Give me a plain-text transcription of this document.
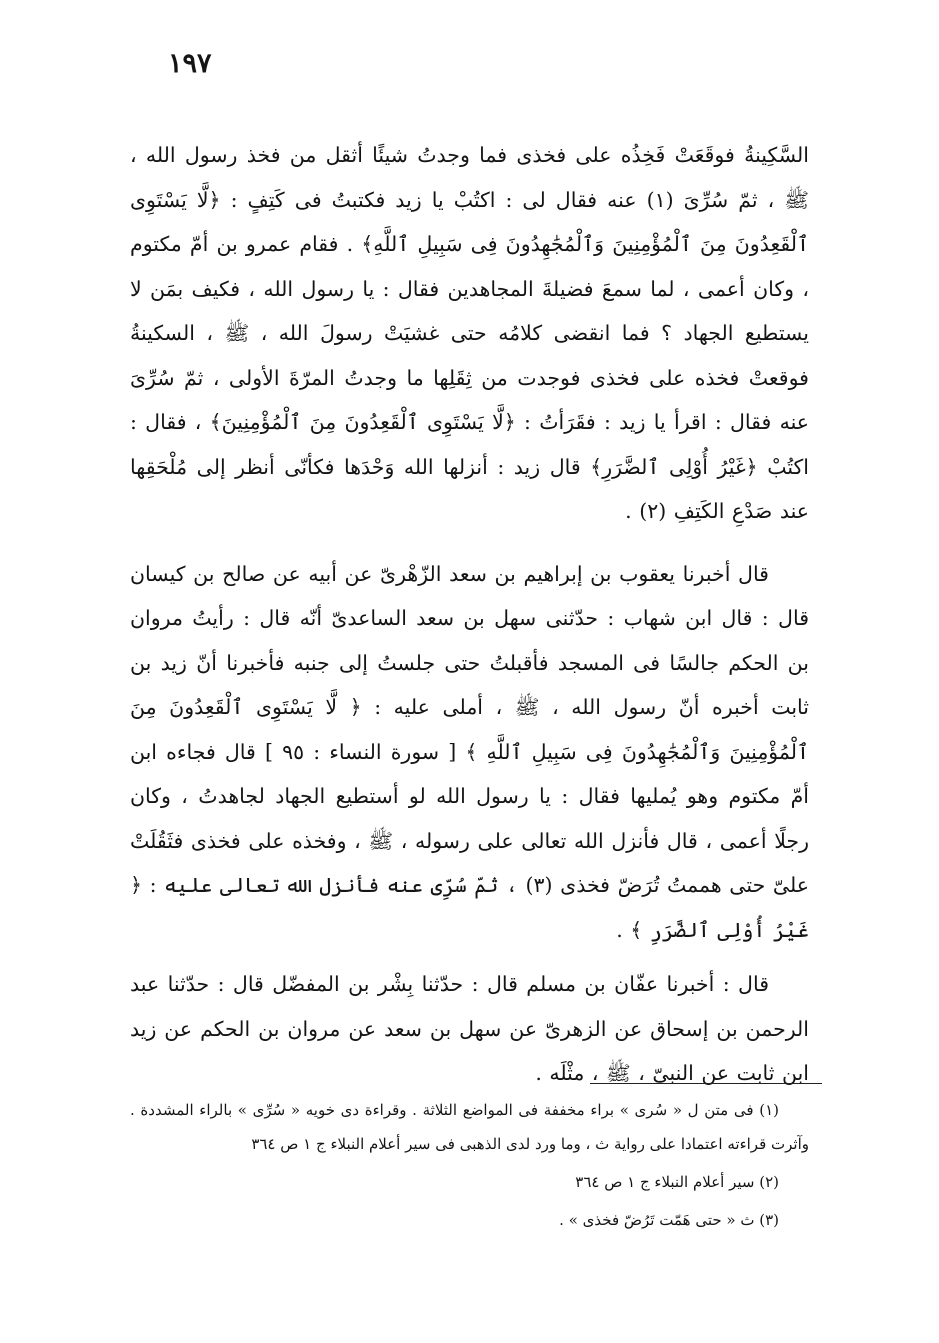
١٩٧

السَّكِينةُ فوقَعَتْ فَخِذُه على فخذى فما وجدتُ شيئًا أثقل من فخذ رسول الله ، ﷺ ، ثمّ سُرِّىَ (١) عنه فقال لى : اكتُبْ يا زيد فكتبتُ فى كَتِفٍ : ﴿لَّا يَسْتَوِى ٱلْقَعِدُونَ مِنَ ٱلْمُؤْمِنِينَ وَٱلْمُجَٰهِدُونَ فِى سَبِيلِ ٱللَّهِ﴾ . فقام عمرو بن أمّ مكتوم ، وكان أعمى ، لما سمعَ فضيلةَ المجاهدين فقال : يا رسول الله ، فكيف بمَن لا يستطيع الجهاد ؟ فما انقضى كلامُه حتى غشيَتْ رسولَ الله ، ﷺ ، السكينةُ فوقعتْ فخذه على فخذى فوجدت من ثِقَلِها ما وجدتُ المرّةَ الأولى ، ثمّ سُرِّىَ عنه فقال : اقرأ يا زيد : فقَرَأتُ : ﴿لَّا يَسْتَوِى ٱلْقَعِدُونَ مِنَ ٱلْمُؤْمِنِينَ﴾ ، فقال : اكتُبْ ﴿غَيْرُ أُوْلِى ٱلضَّرَرِ﴾ قال زيد : أنزلها الله وَحْدَها فكأنّى أنظر إلى مُلْحَقِها عند صَدْعِ الكَتِفِ (٢) .

قال أخبرنا يعقوب بن إبراهيم بن سعد الزّهْرىّ عن أبيه عن صالح بن كيسان قال : قال ابن شهاب : حدّثنى سهل بن سعد الساعدىّ أنّه قال : رأيتُ مروان بن الحكم جالسًا فى المسجد فأقبلتُ حتى جلستُ إلى جنبه فأخبرنا أنّ زيد بن ثابت أخبره أنّ رسول الله ، ﷺ ، أملى عليه : ﴿ لَّا يَسْتَوِى ٱلْقَعِدُونَ مِنَ ٱلْمُؤْمِنِينَ وَٱلْمُجَٰهِدُونَ فِى سَبِيلِ ٱللَّهِ ﴾ [ سورة النساء : ٩٥ ] قال فجاءه ابن أمّ مكتوم وهو يُمليها فقال : يا رسول الله لو أستطيع الجهاد لجاهدتُ ، وكان رجلًا أعمى ، قال فأنزل الله تعالى على رسوله ، ﷺ ، وفخذه على فخذى فثَقُلَتْ علىّ حتى هممتُ تُرَضّ فخذى (٣) ، ثمّ سُرِّى عنه فأنزل الله تعالى عليه : ﴿ غَيْرُ أُوْلِى ٱلضَّرَرِ ﴾ .

قال : أخبرنا عفّان بن مسلم قال : حدّثنا بِشْر بن المفضّل قال : حدّثنا عبد الرحمن بن إسحاق عن الزهرىّ عن سهل بن سعد عن مروان بن الحكم عن زيد ابن ثابت عن النبىّ ، ﷺ ، مثْلَه .

(١) فى متن ل « سُرى » براء مخففة فى المواضع الثلاثة . وقراءة دى خويه « سُرِّى » بالراء المشددة . وآثرت قراءته اعتمادا على رواية ث ، وما ورد لدى الذهبى فى سير أعلام النبلاء ج ١ ص ٣٦٤

(٢) سير أعلام النبلاء ج ١ ص ٣٦٤

(٣) ث « حتى هَمّت تَرُضّ فخذى » .
